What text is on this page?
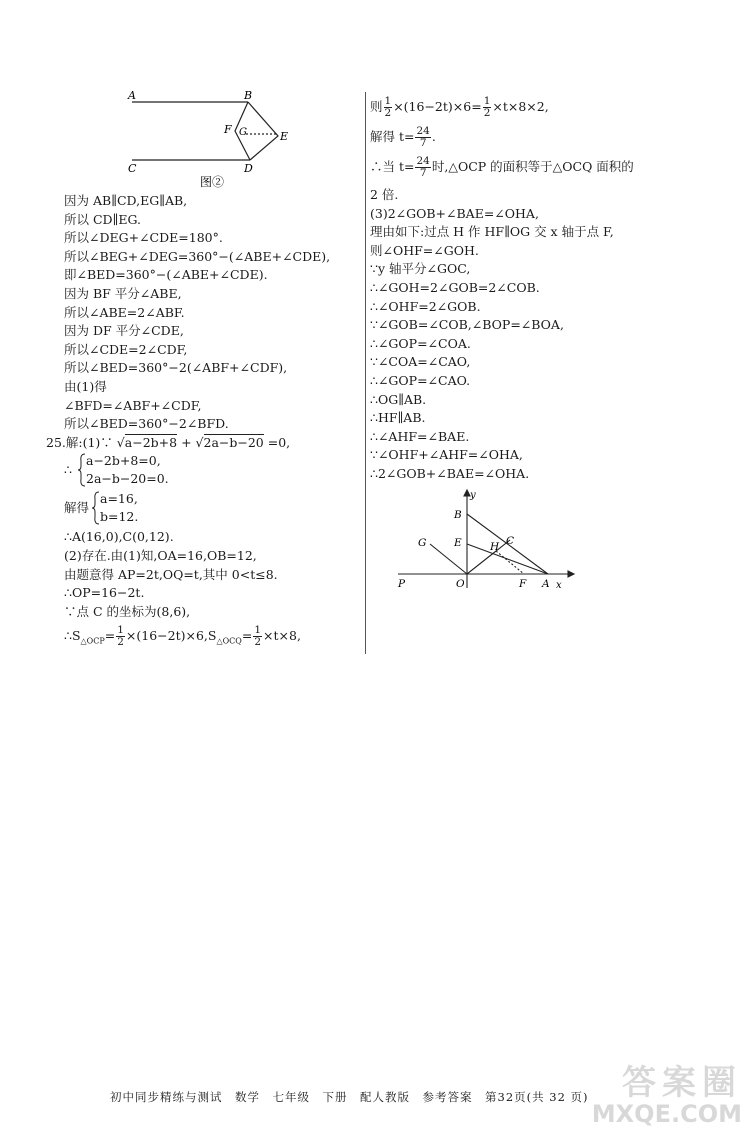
A	B
C	D
E
F G
图②
因为 AB∥CD,EG∥AB,
所以 CD∥EG.
所以∠DEG+∠CDE=180°.
所以∠BEG+∠DEG=360°−(∠ABE+∠CDE),
即∠BED=360°−(∠ABE+∠CDE).
因为 BF 平分∠ABE,
所以∠ABE=2∠ABF.
因为 DF 平分∠CDE,
所以∠CDE=2∠CDF,
所以∠BED=360°−2(∠ABF+∠CDF),
由(1)得
∠BFD=∠ABF+∠CDF,
所以∠BED=360°−2∠BFD.
25.解:(1)∵ √a−2b+8 + √2a−b−20 =0,
∴
a−2b+8=0,
2a−b−20=0.
解得
a=16,
b=12.
∴A(16,0),C(0,12).
(2)存在.由(1)知,OA=16,OB=12,
由题意得 AP=2t,OQ=t,其中 0<t≤8.
∴OP=16−2t.
∵点 C 的坐标为(8,6),
$\therefore S_{\triangle OCP}= \frac{1}{2} \times(16-2t)\times 6,S_{\triangle OCQ}= \frac{1}{2} \times t\times 8$,
则 $\frac{1}{2} \times(16-2t)\times 6= \frac{1}{2} \times t\times 8\times 2$,
解得 $t= \frac{24}{7}$ .
∴当 $t= \frac{24}{7}$ 时,△OCP 的面积等于△OCQ 面积的
2 倍.
(3)2∠GOB+∠BAE=∠OHA,
理由如下:过点 H 作 HF∥OG 交 x 轴于点 F,
则∠OHF=∠GOH.
∵y 轴平分∠GOC,
∴∠GOH=2∠GOB=2∠COB.
∴∠OHF=2∠GOB.
∵∠GOB=∠COB,∠BOP=∠BOA,
∴∠GOP=∠COA.
∵∠COA=∠CAO,
∴∠GOP=∠CAO.
∴OG∥AB.
∴HF∥AB.
∴∠AHF=∠BAE.
∵∠OHF+∠AHF=∠OHA,
∴2∠GOB+∠BAE=∠OHA.
y
x
B
E
G	H C
P	O	F A
初中同步精练与测试　数学　七年级　下册　配人教版　参考答案　第32页(共 32 页) 答案圈
MXQE.COM
